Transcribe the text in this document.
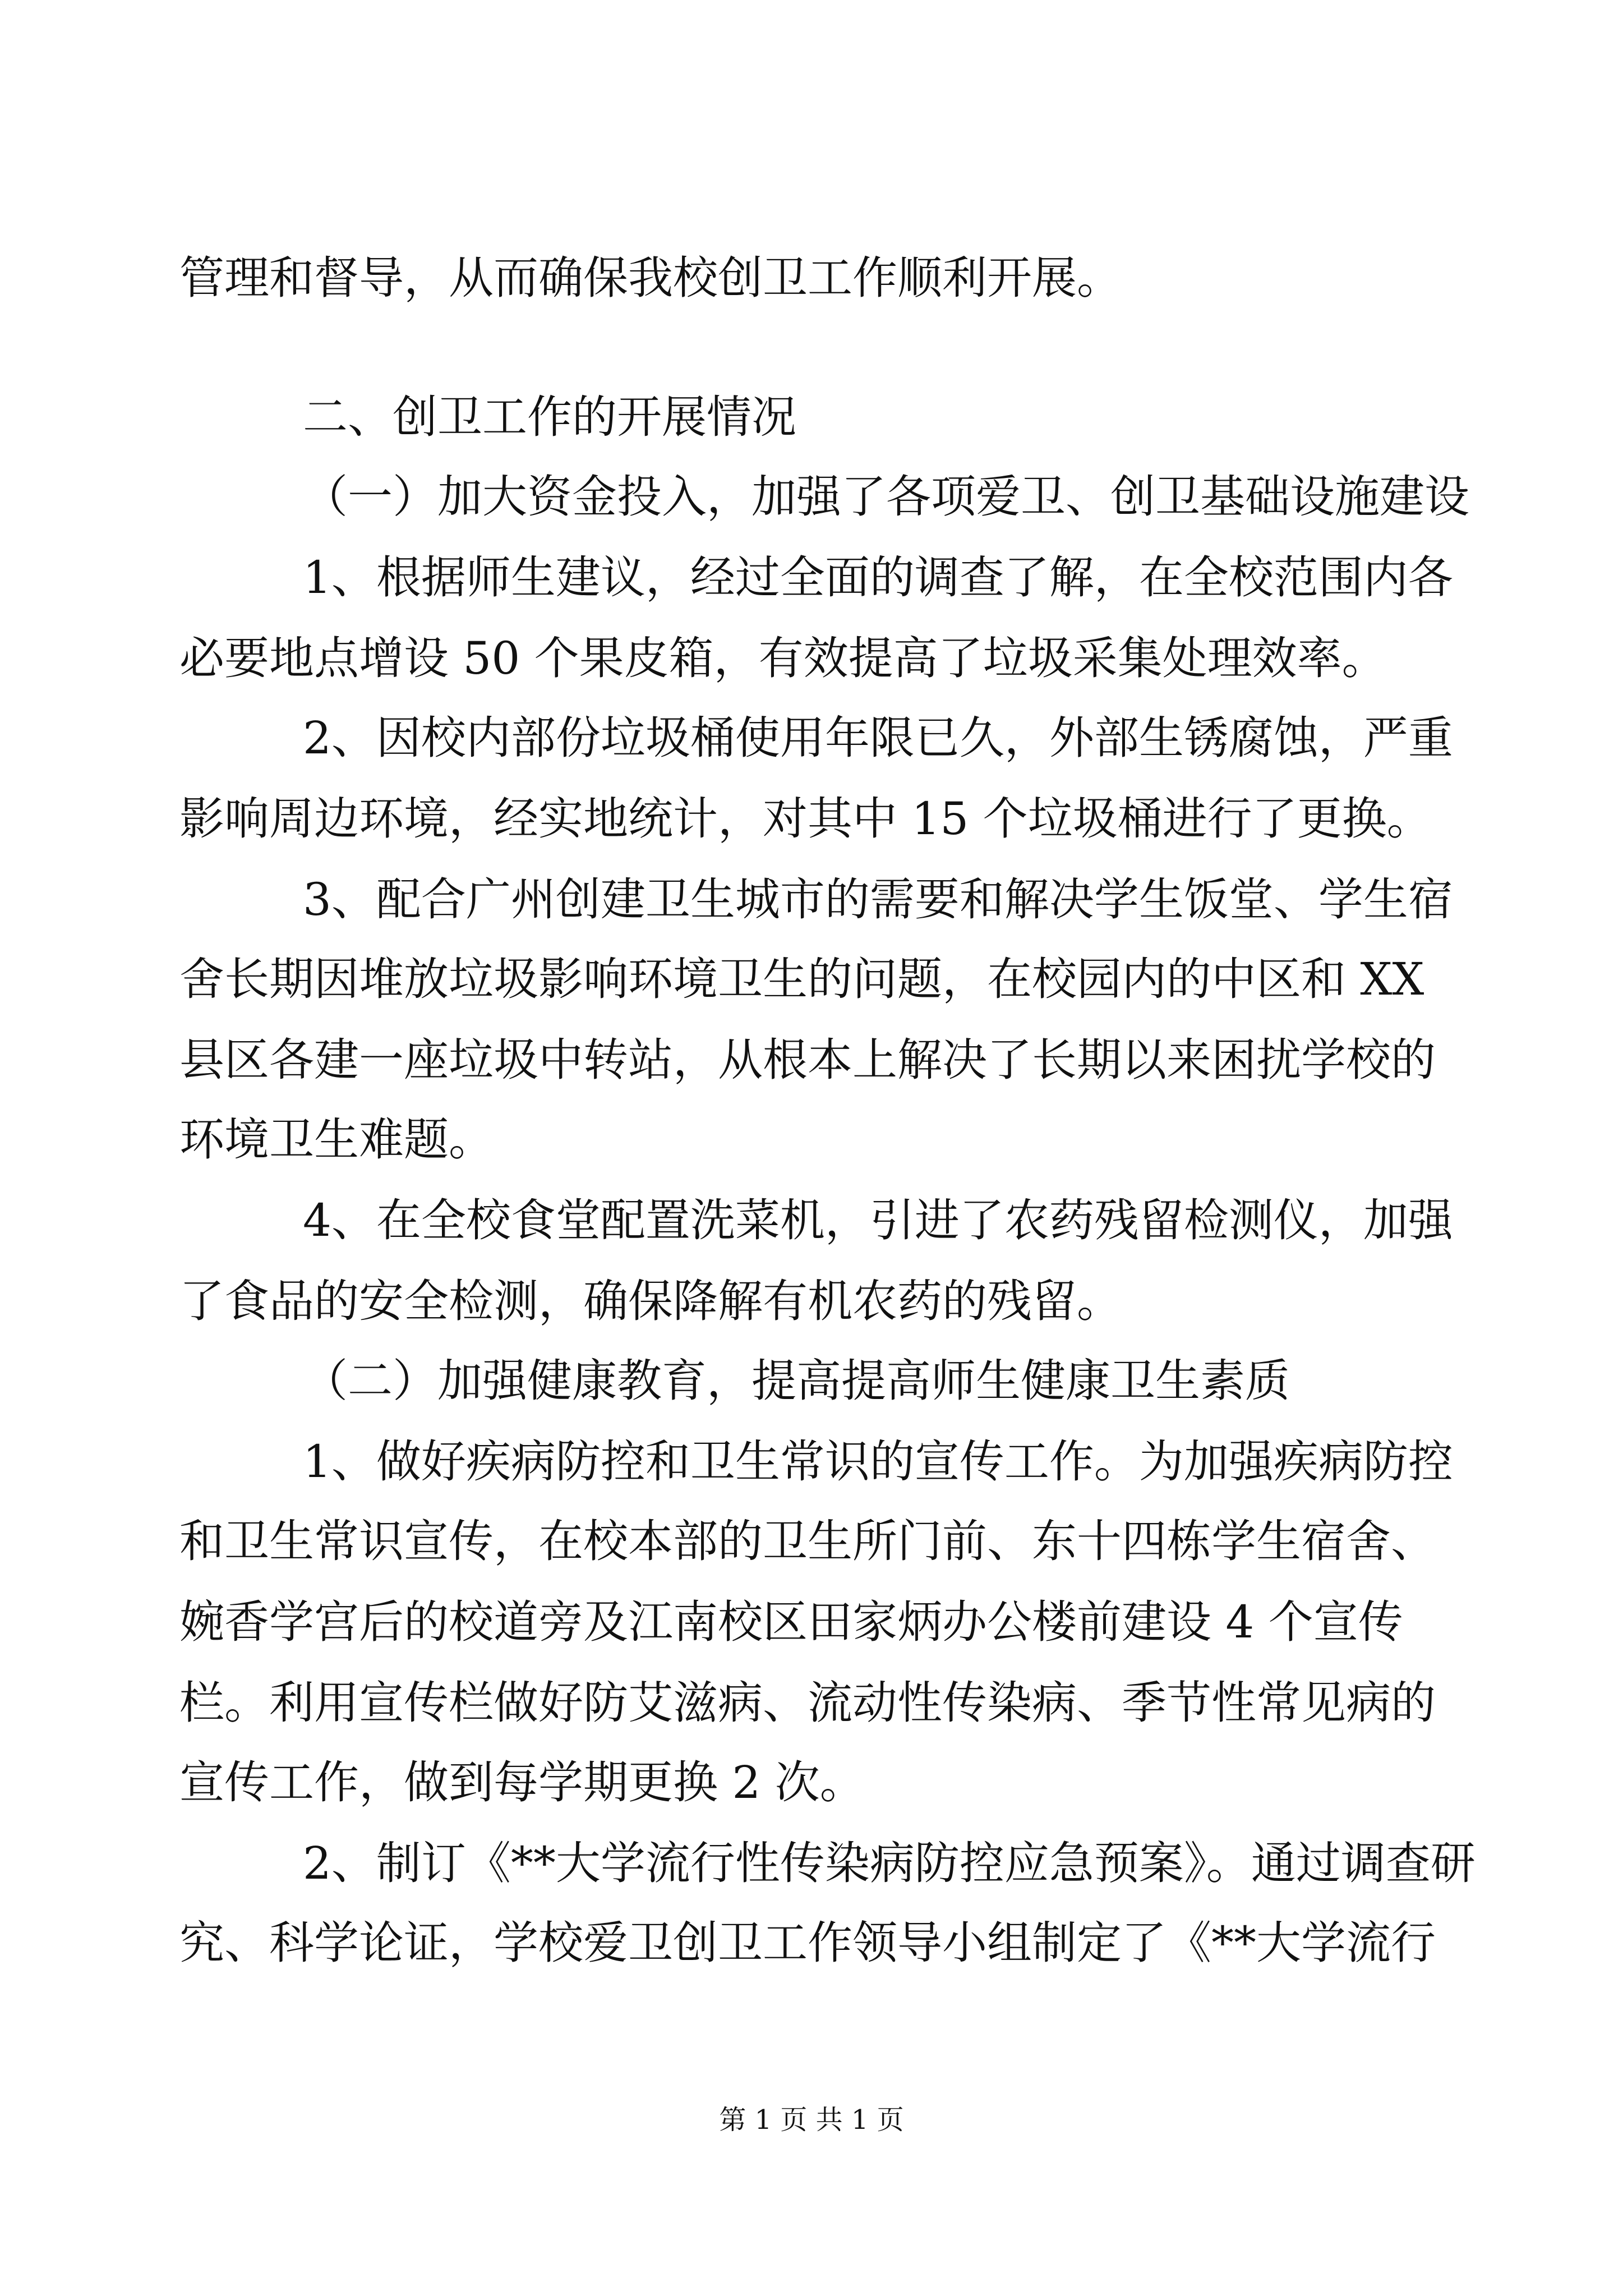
管理和督导，从而确保我校创卫工作顺利开展。

二、创卫工作的开展情况

（一）加大资金投入，加强了各项爱卫、创卫基础设施建设

1、根据师生建议，经过全面的调查了解，在全校范围内各

必要地点增设 50 个果皮箱，有效提高了垃圾采集处理效率。

2、因校内部份垃圾桶使用年限已久，外部生锈腐蚀，严重

影响周边环境，经实地统计，对其中 15 个垃圾桶进行了更换。

3、配合广州创建卫生城市的需要和解决学生饭堂、学生宿

舍长期因堆放垃圾影响环境卫生的问题，在校园内的中区和 XX

县区各建一座垃圾中转站，从根本上解决了长期以来困扰学校的

环境卫生难题。

4、在全校食堂配置洗菜机，引进了农药残留检测仪，加强

了食品的安全检测，确保降解有机农药的残留。

（二）加强健康教育，提高提高师生健康卫生素质

1、做好疾病防控和卫生常识的宣传工作。为加强疾病防控

和卫生常识宣传，在校本部的卫生所门前、东十四栋学生宿舍、

婉香学宫后的校道旁及江南校区田家炳办公楼前建设 4 个宣传

栏。利用宣传栏做好防艾滋病、流动性传染病、季节性常见病的

宣传工作，做到每学期更换 2 次。

2、制订《**大学流行性传染病防控应急预案》。通过调查研

究、科学论证，学校爱卫创卫工作领导小组制定了《**大学流行

第 1 页 共 1 页
